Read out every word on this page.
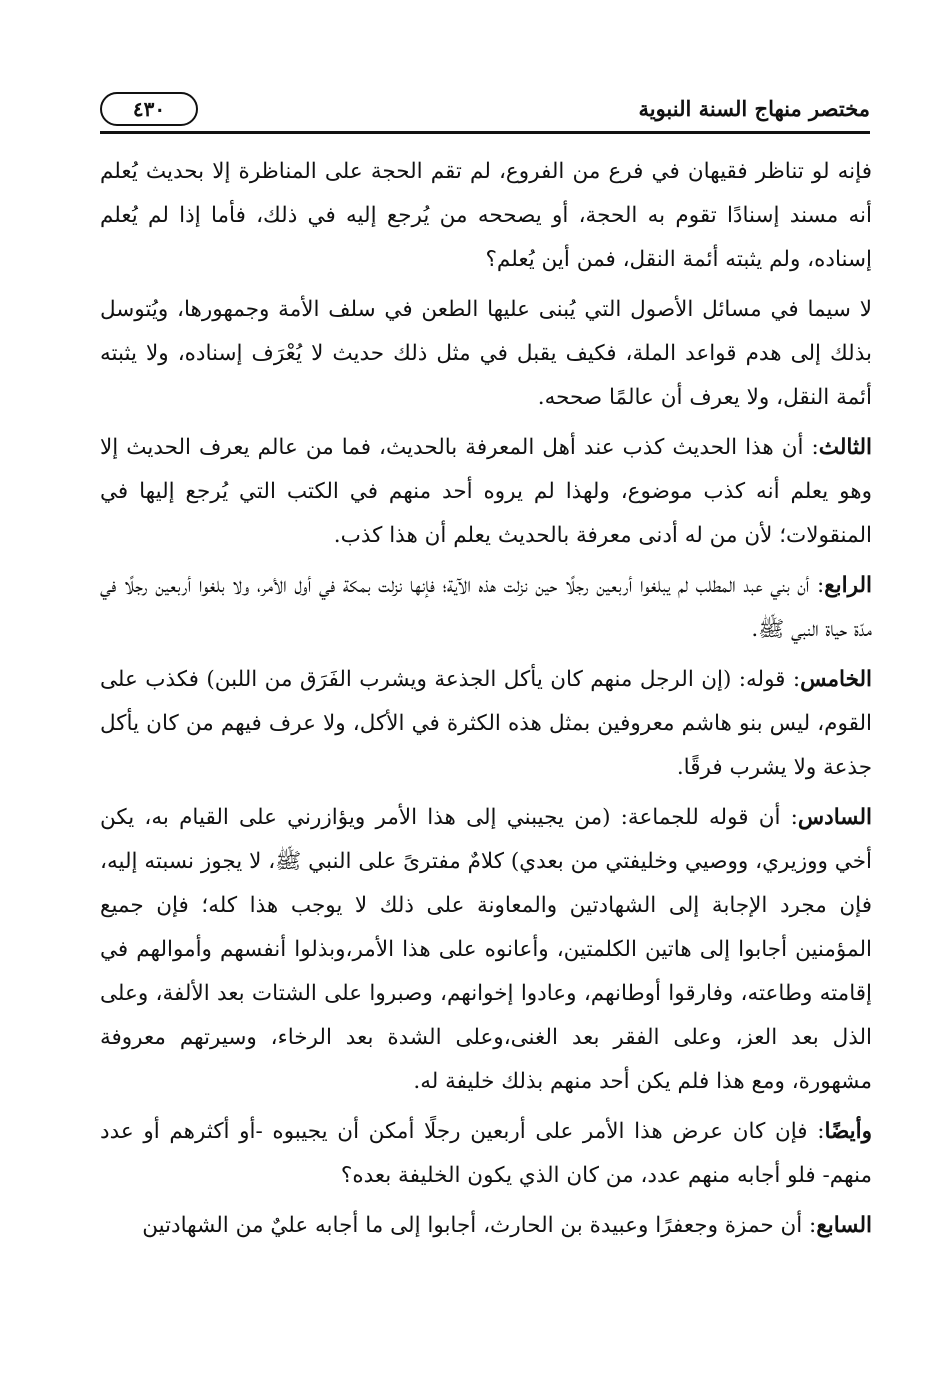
مختصر منهاج السنة النبوية
٤٣٠

فإنه لو تناظر فقيهان في فرع من الفروع، لم تقم الحجة على المناظرة إلا بحديث يُعلم أنه مسند إسنادًا تقوم به الحجة، أو يصححه من يُرجع إليه في ذلك، فأما إذا لم يُعلم إسناده، ولم يثبته أئمة النقل، فمن أين يُعلم؟

لا سيما في مسائل الأصول التي يُبنى عليها الطعن في سلف الأمة وجمهورها، ويُتوسل بذلك إلى هدم قواعد الملة، فكيف يقبل في مثل ذلك حديث لا يُعْرَف إسناده، ولا يثبته أئمة النقل، ولا يعرف أن عالمًا صححه.

الثالث: أن هذا الحديث كذب عند أهل المعرفة بالحديث، فما من عالم يعرف الحديث إلا وهو يعلم أنه كذب موضوع، ولهذا لم يروه أحد منهم في الكتب التي يُرجع إليها في المنقولات؛ لأن من له أدنى معرفة بالحديث يعلم أن هذا كذب.

الرابع: أن بني عبد المطلب لم يبلغوا أربعين رجلًا حين نزلت هذه الآية؛ فإنها نزلت بمكة في أول الأمر، ولا بلغوا أربعين رجلًا في مدّة حياة النبي ﷺ.

الخامس: قوله: (إن الرجل منهم كان يأكل الجذعة ويشرب الفَرَق من اللبن) فكذب على القوم، ليس بنو هاشم معروفين بمثل هذه الكثرة في الأكل، ولا عرف فيهم من كان يأكل جذعة ولا يشرب فرقًا.

السادس: أن قوله للجماعة: (من يجيبني إلى هذا الأمر ويؤازرني على القيام به، يكن أخي ووزيري، ووصيي وخليفتي من بعدي) كلامٌ مفترىً على النبي ﷺ، لا يجوز نسبته إليه، فإن مجرد الإجابة إلى الشهادتين والمعاونة على ذلك لا يوجب هذا كله؛ فإن جميع المؤمنين أجابوا إلى هاتين الكلمتين، وأعانوه على هذا الأمر،وبذلوا أنفسهم وأموالهم في إقامته وطاعته، وفارقوا أوطانهم، وعادوا إخوانهم، وصبروا على الشتات بعد الألفة، وعلى الذل بعد العز، وعلى الفقر بعد الغنى،وعلى الشدة بعد الرخاء، وسيرتهم معروفة مشهورة، ومع هذا فلم يكن أحد منهم بذلك خليفة له.

وأيضًا: فإن كان عرض هذا الأمر على أربعين رجلًا أمكن أن يجيبوه -أو أكثرهم أو عدد منهم- فلو أجابه منهم عدد، من كان الذي يكون الخليفة بعده؟

السابع: أن حمزة وجعفرًا وعبيدة بن الحارث، أجابوا إلى ما أجابه عليٌ من الشهادتين
